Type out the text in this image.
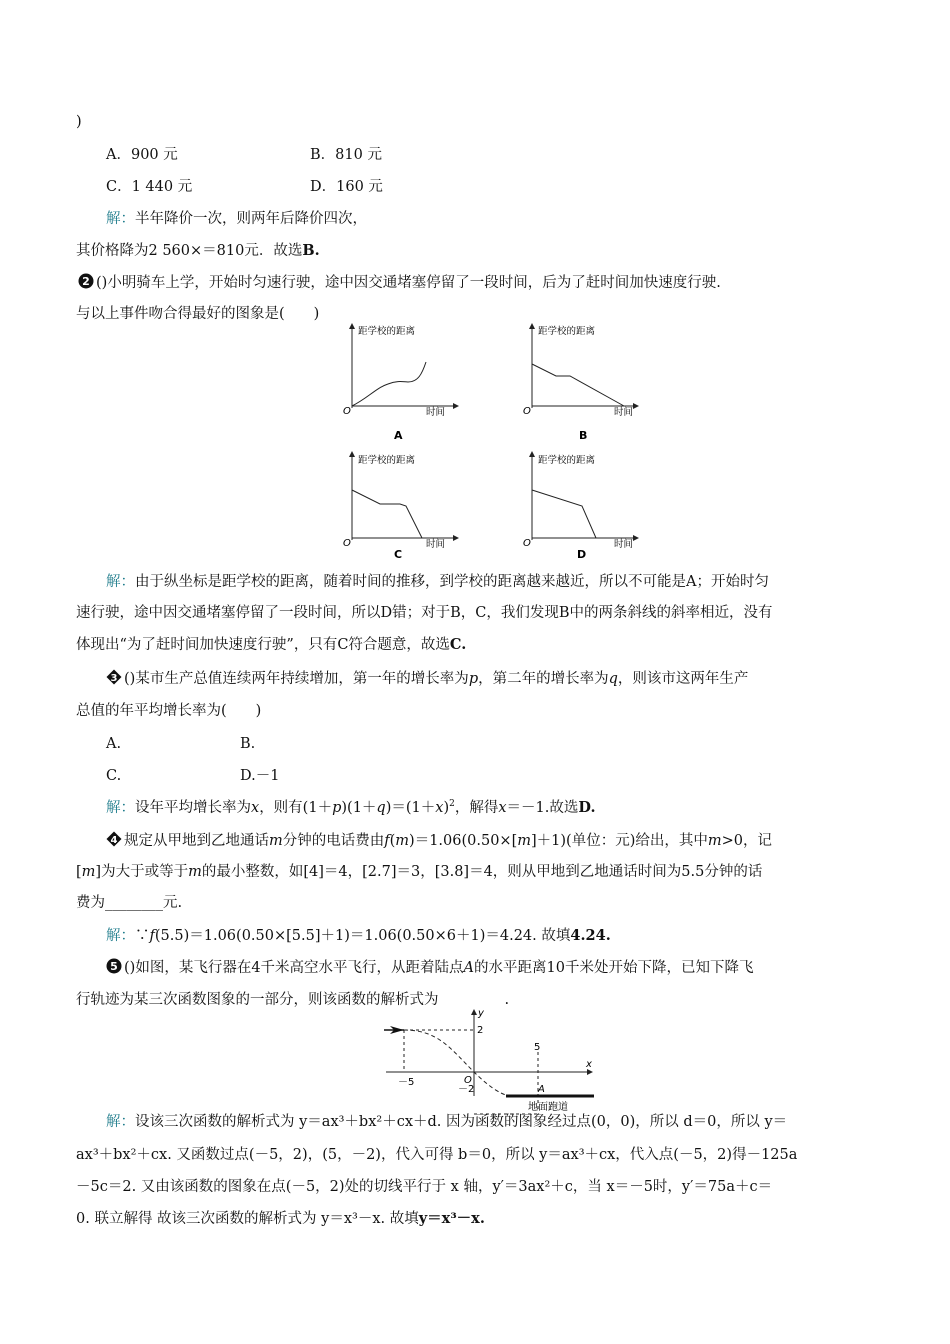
)
A．900 元	B．810 元
C．1 440 元	D．160 元
解：半年降价一次，则两年后降价四次，
其价格降为2 560×＝810元．故选B.
2 ()小明骑车上学，开始时匀速行驶，途中因交通堵塞停留了一段时间，后为了赶时间加快速度行驶.
与以上事件吻合得最好的图象是(　　)
距学校的距离
时间
O
A
距学校的距离
时间
O
B
距学校的距离
时间
O
C
距学校的距离
时间
O
D
解：由于纵坐标是距学校的距离，随着时间的推移，到学校的距离越来越近，所以不可能是A；开始时匀
速行驶，途中因交通堵塞停留了一段时间，所以D错；对于B，C，我们发现B中的两条斜线的斜率相近，没有
体现出“为了赶时间加快速度行驶”，只有C符合题意，故选C.
3 ()某市生产总值连续两年持续增加，第一年的增长率为p，第二年的增长率为q，则该市这两年生产
总值的年平均增长率为(　　)
A.	B.
C.	D.－1
解：设年平均增长率为x，则有$(1+p)(1+q)=(1+x)^2$，解得x＝－1.故选D.
4 规定从甲地到乙地通话m分钟的电话费由f(m)＝1.06(0.50×[m]＋1)(单位：元)给出，其中m>0，记
[m]为大于或等于m的最小整数，如[4]＝4，[2.7]＝3，[3.8]＝4，则从甲地到乙地通话时间为5.5分钟的话
费为________元.
解：∵f(5.5)＝1.06(0.50×[5.5]＋1)＝1.06(0.50×6＋1)＝4.24. 故填4.24.
5 ()如图，某飞行器在4千米高空水平飞行，从距着陆点A的水平距离10千米处开始下降，已知下降飞
行轨迹为某三次函数图象的一部分，则该函数的解析式为	.
y
x
O
2
－5
5
－2	A
地面跑道
解：设该三次函数的解析式为 y＝ax³＋bx²＋cx＋d. 因为函数的图象经过点(0，0)，所以 d＝0，所以 y＝
ax³＋bx²＋cx. 又函数过点(－5，2)，(5，－2)，代入可得 b＝0，所以 y＝ax³＋cx，代入点(－5，2)得－125a
－5c＝2. 又由该函数的图象在点(－5，2)处的切线平行于 x 轴，y′＝3ax²＋c，当 x＝－5时，y′＝75a＋c＝
0. 联立解得 故该三次函数的解析式为 y＝x³－x. 故填y＝x³－x.
